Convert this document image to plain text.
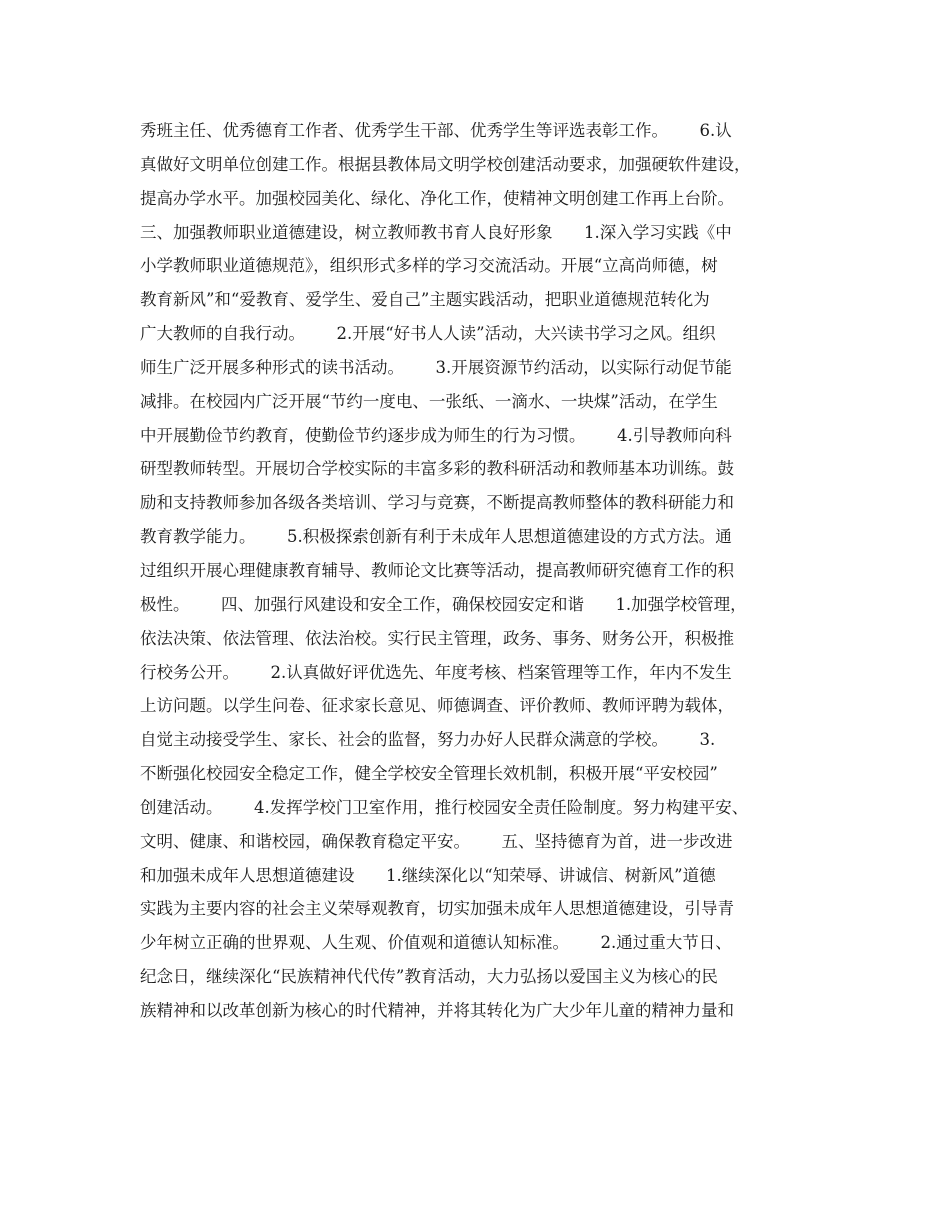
秀班主任、优秀德育工作者、优秀学生干部、优秀学生等评选表彰工作。      6.认
真做好文明单位创建工作。根据县教体局文明学校创建活动要求，加强硬软件建设，
提高办学水平。加强校园美化、绿化、净化工作，使精神文明创建工作再上台阶。
三、加强教师职业道德建设，树立教师教书育人良好形象      1.深入学习实践《中
小学教师职业道德规范》，组织形式多样的学习交流活动。开展“立高尚师德，树
教育新风”和“爱教育、爱学生、爱自己”主题实践活动，把职业道德规范转化为
广大教师的自我行动。      2.开展“好书人人读”活动，大兴读书学习之风。组织
师生广泛开展多种形式的读书活动。      3.开展资源节约活动，以实际行动促节能
减排。在校园内广泛开展“节约一度电、一张纸、一滴水、一块煤”活动，在学生
中开展勤俭节约教育，使勤俭节约逐步成为师生的行为习惯。      4.引导教师向科
研型教师转型。开展切合学校实际的丰富多彩的教科研活动和教师基本功训练。鼓
励和支持教师参加各级各类培训、学习与竞赛，不断提高教师整体的教科研能力和
教育教学能力。      5.积极探索创新有利于未成年人思想道德建设的方式方法。通
过组织开展心理健康教育辅导、教师论文比赛等活动，提高教师研究德育工作的积
极性。      四、加强行风建设和安全工作，确保校园安定和谐      1.加强学校管理，
依法决策、依法管理、依法治校。实行民主管理，政务、事务、财务公开，积极推
行校务公开。      2.认真做好评优选先、年度考核、档案管理等工作，年内不发生
上访问题。以学生问卷、征求家长意见、师德调查、评价教师、教师评聘为载体，
自觉主动接受学生、家长、社会的监督，努力办好人民群众满意的学校。      3.
不断强化校园安全稳定工作，健全学校安全管理长效机制，积极开展“平安校园”
创建活动。      4.发挥学校门卫室作用，推行校园安全责任险制度。努力构建平安、
文明、健康、和谐校园，确保教育稳定平安。      五、坚持德育为首，进一步改进
和加强未成年人思想道德建设      1.继续深化以“知荣辱、讲诚信、树新风”道德
实践为主要内容的社会主义荣辱观教育，切实加强未成年人思想道德建设，引导青
少年树立正确的世界观、人生观、价值观和道德认知标准。      2.通过重大节日、
纪念日，继续深化“民族精神代代传”教育活动，大力弘扬以爱国主义为核心的民
族精神和以改革创新为核心的时代精神，并将其转化为广大少年儿童的精神力量和
